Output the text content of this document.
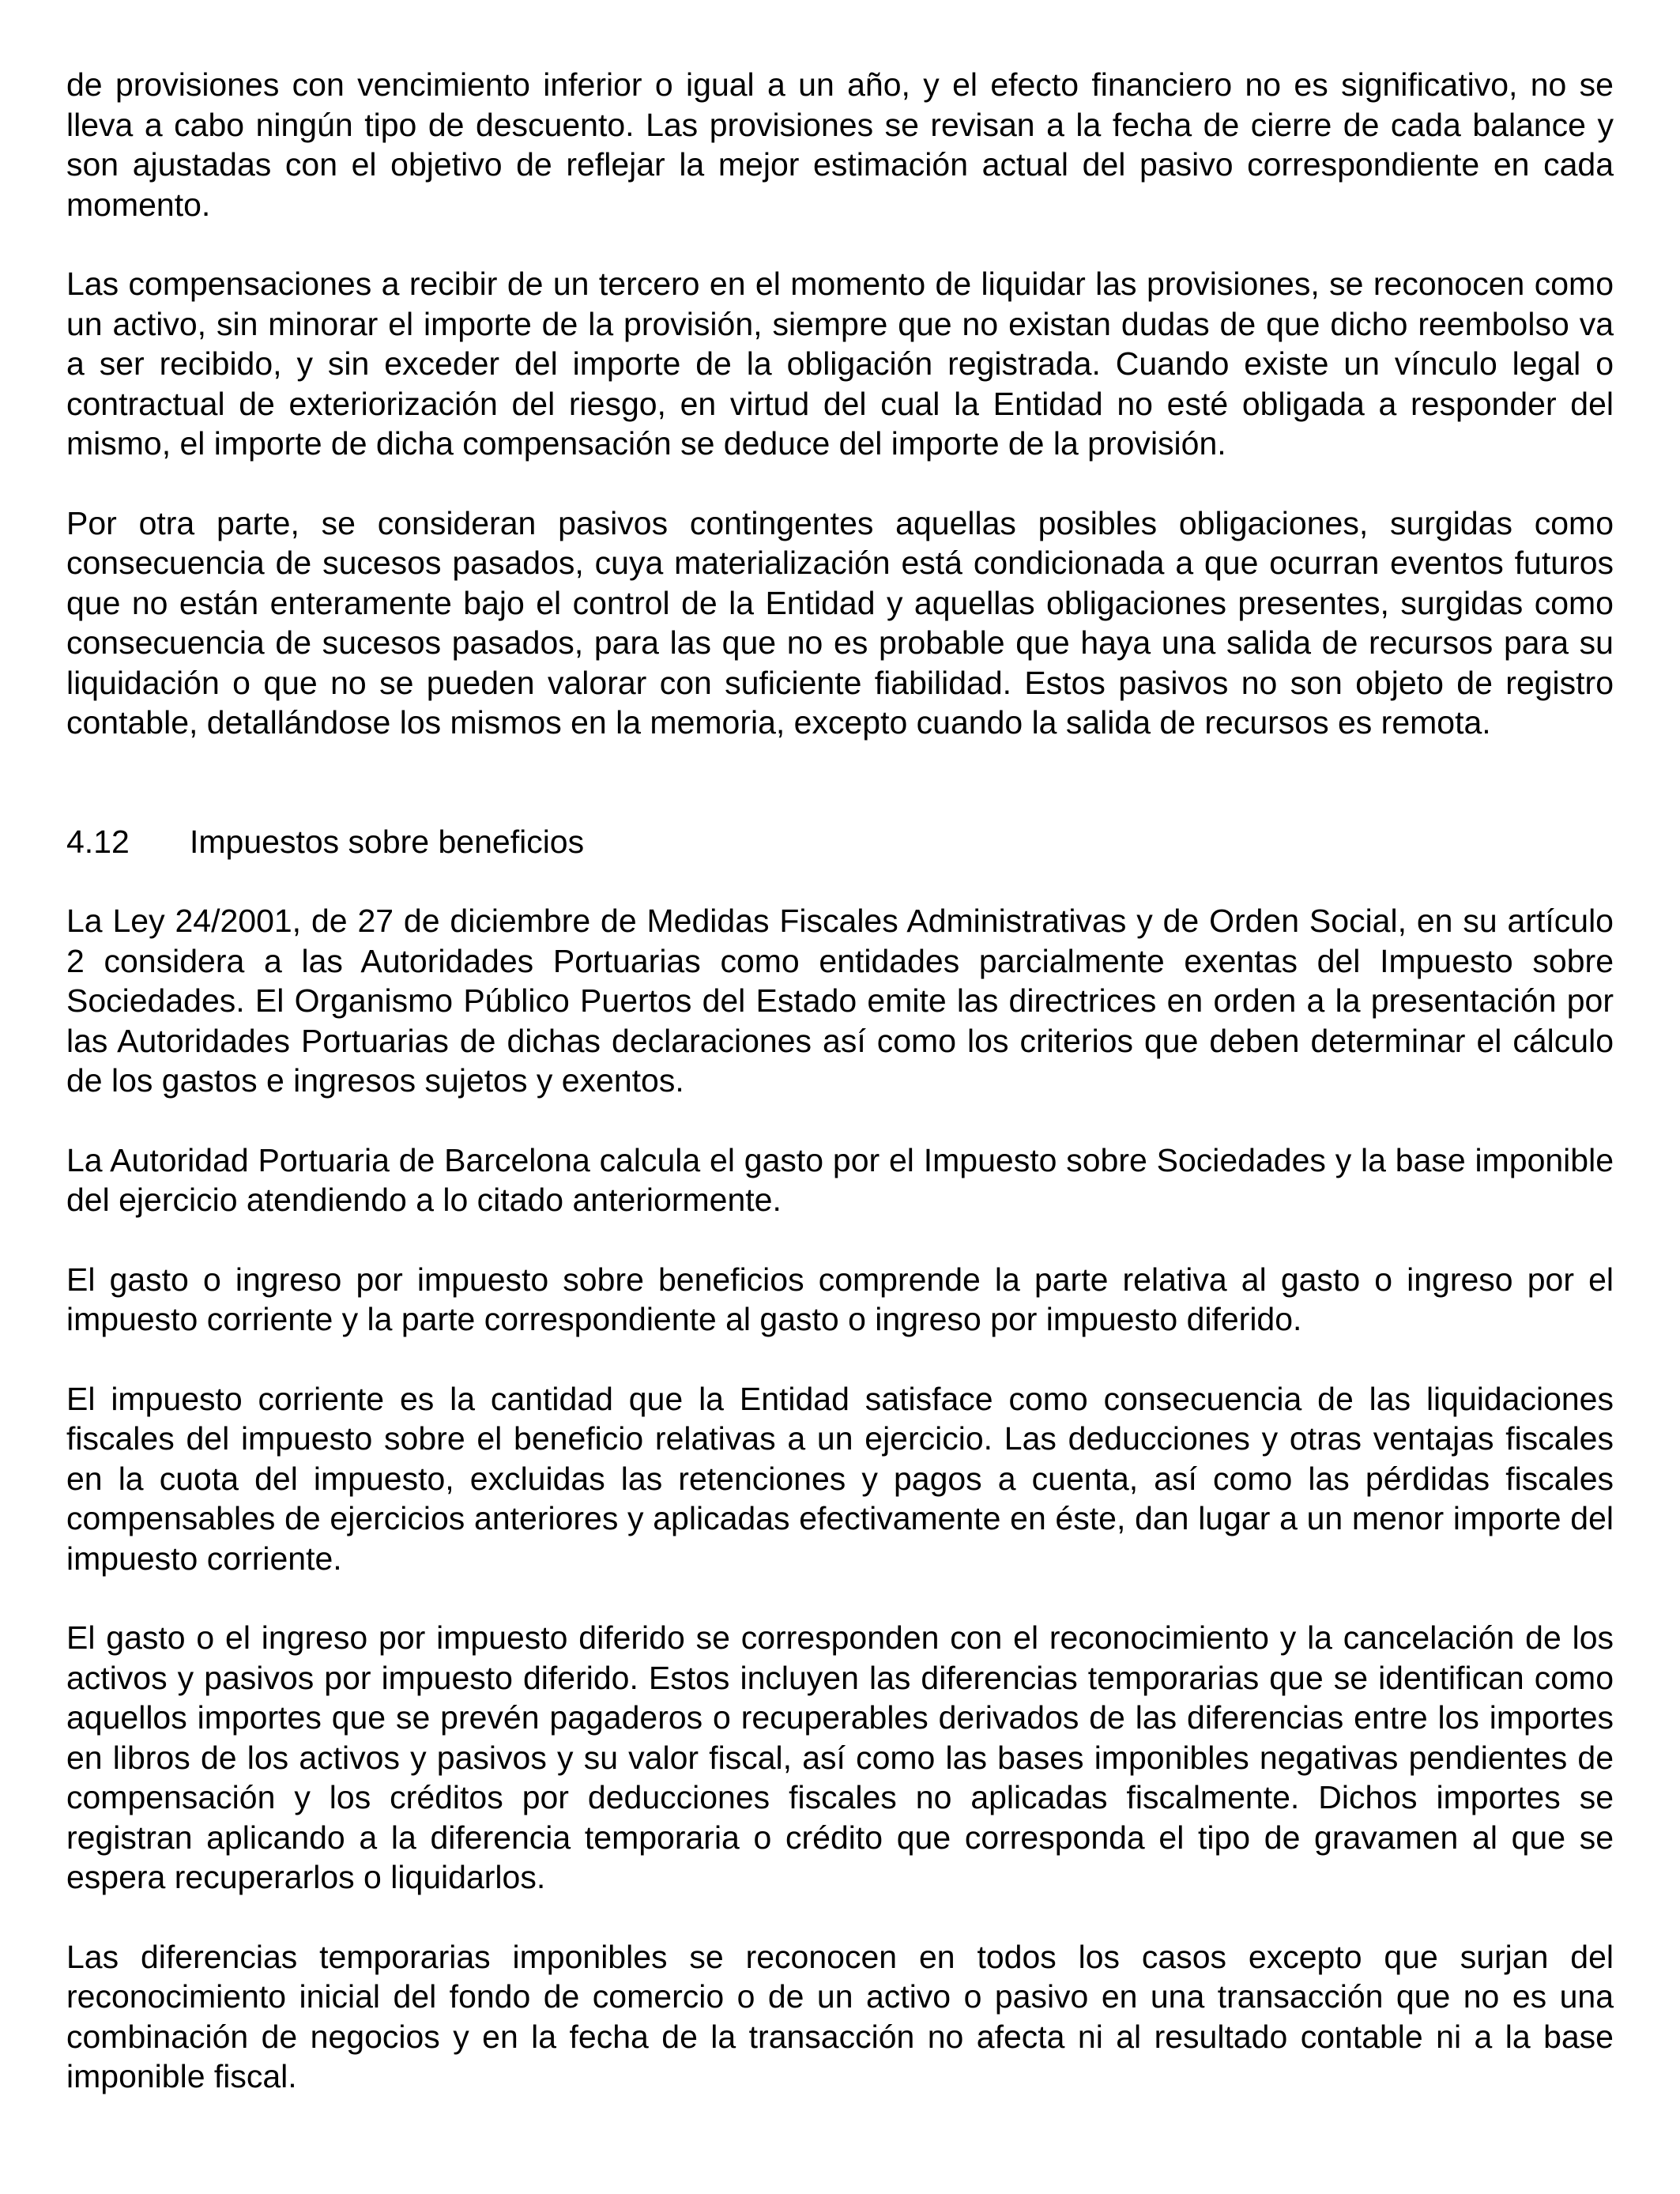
de provisiones con vencimiento inferior o igual a un año, y el efecto financiero no es significativo, no se lleva a cabo ningún tipo de descuento. Las provisiones se revisan a la fecha de cierre de cada balance y son ajustadas con el objetivo de reflejar la mejor estimación actual del pasivo correspondiente en cada momento.

Las compensaciones a recibir de un tercero en el momento de liquidar las provisiones, se reconocen como un activo, sin minorar el importe de la provisión, siempre que no existan dudas de que dicho reembolso va a ser recibido, y sin exceder del importe de la obligación registrada. Cuando existe un vínculo legal o contractual de exteriorización del riesgo, en virtud del cual la Entidad no esté obligada a responder del mismo, el importe de dicha compensación se deduce del importe de la provisión.

Por otra parte, se consideran pasivos contingentes aquellas posibles obligaciones, surgidas como consecuencia de sucesos pasados, cuya materialización está condicionada a que ocurran eventos futuros que no están enteramente bajo el control de la Entidad y aquellas obligaciones presentes, surgidas como consecuencia de sucesos pasados, para las que no es probable que haya una salida de recursos para su liquidación o que no se pueden valorar con suficiente fiabilidad. Estos pasivos no son objeto de registro contable, detallándose los mismos en la memoria, excepto cuando la salida de recursos es remota.

4.12	Impuestos sobre beneficios

La Ley 24/2001, de 27 de diciembre de Medidas Fiscales Administrativas y de Orden Social, en su artículo 2 considera a las Autoridades Portuarias como entidades parcialmente exentas del Impuesto sobre Sociedades. El Organismo Público Puertos del Estado emite las directrices en orden a la presentación por las Autoridades Portuarias de dichas declaraciones así como los criterios que deben determinar el cálculo de los gastos e ingresos sujetos y exentos.

La Autoridad Portuaria de Barcelona calcula el gasto por el Impuesto sobre Sociedades y la base imponible del ejercicio atendiendo a lo citado anteriormente.

El gasto o ingreso por impuesto sobre beneficios comprende la parte relativa al gasto o ingreso por el impuesto corriente y la parte correspondiente al gasto o ingreso por impuesto diferido.

El impuesto corriente es la cantidad que la Entidad satisface como consecuencia de las liquidaciones fiscales del impuesto sobre el beneficio relativas a un ejercicio. Las deducciones y otras ventajas fiscales en la cuota del impuesto, excluidas las retenciones y pagos a cuenta, así como las pérdidas fiscales compensables de ejercicios anteriores y aplicadas efectivamente en éste, dan lugar a un menor importe del impuesto corriente.

El gasto o el ingreso por impuesto diferido se corresponden con el reconocimiento y la cancelación de los activos y pasivos por impuesto diferido. Estos incluyen las diferencias temporarias que se identifican como aquellos importes que se prevén pagaderos o recuperables derivados de las diferencias entre los importes en libros de los activos y pasivos y su valor fiscal, así como las bases imponibles negativas pendientes de compensación y los créditos por deducciones fiscales no aplicadas fiscalmente. Dichos importes se registran aplicando a la diferencia temporaria o crédito que corresponda el tipo de gravamen al que se espera recuperarlos o liquidarlos.

Las diferencias temporarias imponibles se reconocen en todos los casos excepto que surjan del reconocimiento inicial del fondo de comercio o de un activo o pasivo en una transacción que no es una combinación de negocios y en la fecha de la transacción no afecta ni al resultado contable ni a la base imponible fiscal.
